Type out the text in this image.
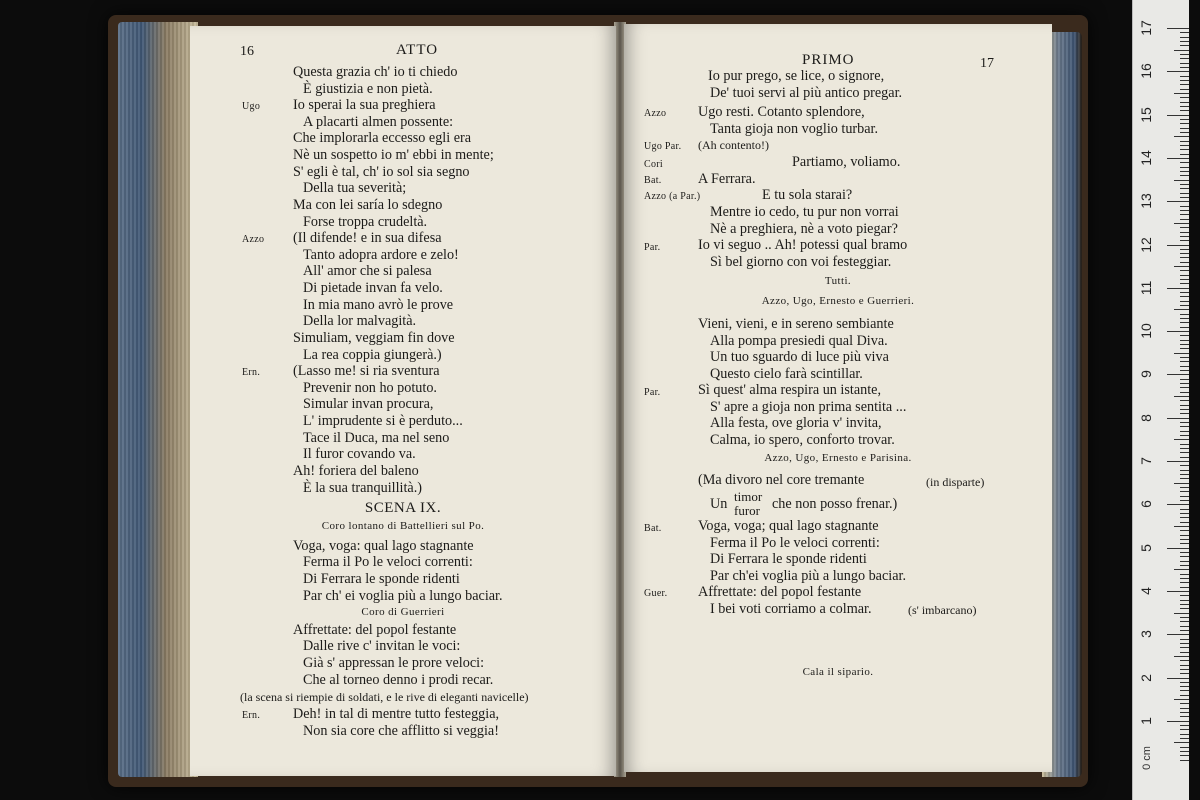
16	ATTO
Questa grazia ch' io ti chiedo
È giustizia e non pietà.
Ugo Io sperai la sua preghiera
A placarti almen possente:
Che implorarla eccesso egli era
Nè un sospetto io m' ebbi in mente;
S' egli è tal, ch' io sol sia segno
Della tua severità;
Ma con lei saría lo sdegno
Forse troppa crudeltà.
Azzo (Il difende! e in sua difesa
Tanto adopra ardore e zelo!
All' amor che si palesa
Di pietade invan fa velo.
In mia mano avrò le prove
Della lor malvagità.
Simuliam, veggiam fin dove
La rea coppia giungerà.)
Ern. (Lasso me! si ria sventura
Prevenir non ho potuto.
Simular invan procura,
L' imprudente si è perduto...
Tace il Duca, ma nel seno
Il furor covando va.
Ah! foriera del baleno
È la sua tranquillità.)
SCENA IX.
Coro lontano di Battellieri sul Po.
Voga, voga: qual lago stagnante
Ferma il Po le veloci correnti:
Di Ferrara le sponde ridenti
Par ch' ei voglia più a lungo baciar.
Coro di Guerrieri
Affrettate: del popol festante
Dalle rive c' invitan le voci:
Già s' appressan le prore veloci:
Che al torneo denno i prodi recar.
(la scena si riempie di soldati, e le rive di eleganti navicelle)
Ern. Deh! in tal di mentre tutto festeggia,
Non sia core che afflitto si veggia!
PRIMO	17
Io pur prego, se lice, o signore,
De' tuoi servi al più antico pregar.
Azzo Ugo resti. Cotanto splendore,
Tanta gioja non voglio turbar.
Ugo Par. (Ah contento!)
Cori	Partiamo, voliamo.
Bat.	A Ferrara.
Azzo (a Par.)	E tu sola starai?
Mentre io cedo, tu pur non vorrai
Nè a preghiera, nè a voto piegar?
Par.	Io vi seguo .. Ah! potessi qual bramo
Sì bel giorno con voi festeggiar.
Tutti.
Azzo, Ugo, Ernesto e Guerrieri.
Vieni, vieni, e in sereno sembiante
Alla pompa presiedi qual Diva.
Un tuo sguardo di luce più viva
Questo cielo farà scintillar.
Par.	Sì quest' alma respira un istante,
S' apre a gioja non prima sentita ...
Alla festa, ove gloria v' invita,
Calma, io spero, conforto trovar.
Azzo, Ugo, Ernesto e Parisina.
(Ma divoro nel core tremante	(in disparte)
Un timor
furor che non posso frenar.)
Bat.	Voga, voga; qual lago stagnante
Ferma il Po le veloci correnti:
Di Ferrara le sponde ridenti
Par ch'ei voglia più a lungo baciar.
Guer. Affrettate: del popol festante
I bei voti corriamo a colmar.	(s' imbarcano)
Cala il sipario.
17
16
15
14
13
12
11
10
9
8
7
6
5
4
3
2
1
0 cm
